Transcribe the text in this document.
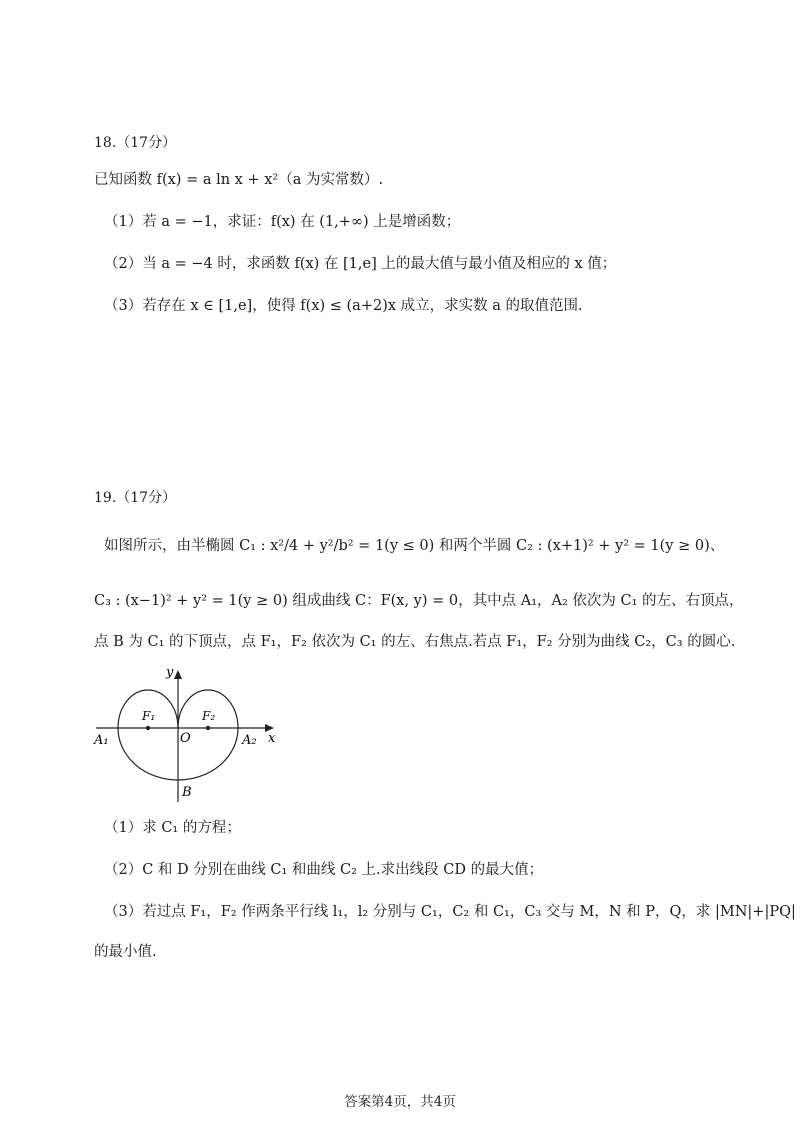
18.（17分）
已知函数 f(x) = a ln x + x²（a 为实常数）.
（1）若 a = −1，求证：f(x) 在 (1,+∞) 上是增函数；
（2）当 a = −4 时，求函数 f(x) 在 [1,e] 上的最大值与最小值及相应的 x 值；
（3）若存在 x ∈ [1,e]，使得 f(x) ≤ (a+2)x 成立，求实数 a 的取值范围.
19.（17分）
如图所示，由半椭圆 C₁ : x²/4 + y²/b² = 1(y ≤ 0) 和两个半圆 C₂ : (x+1)² + y² = 1(y ≥ 0)、
C₃ : (x−1)² + y² = 1(y ≥ 0) 组成曲线 C：F(x, y) = 0，其中点 A₁，A₂ 依次为 C₁ 的左、右顶点，
点 B 为 C₁ 的下顶点，点 F₁，F₂ 依次为 C₁ 的左、右焦点.若点 F₁，F₂ 分别为曲线 C₂，C₃ 的圆心.
y
x
O
B
A₁	A₂
F₁	F₂
（1）求 C₁ 的方程；
（2）C 和 D 分别在曲线 C₁ 和曲线 C₂ 上.求出线段 CD 的最大值；
（3）若过点 F₁，F₂ 作两条平行线 l₁，l₂ 分别与 C₁，C₂ 和 C₁，C₃ 交与 M，N 和 P，Q，求 |MN|+|PQ|
的最小值.
答案第4页，共4页
